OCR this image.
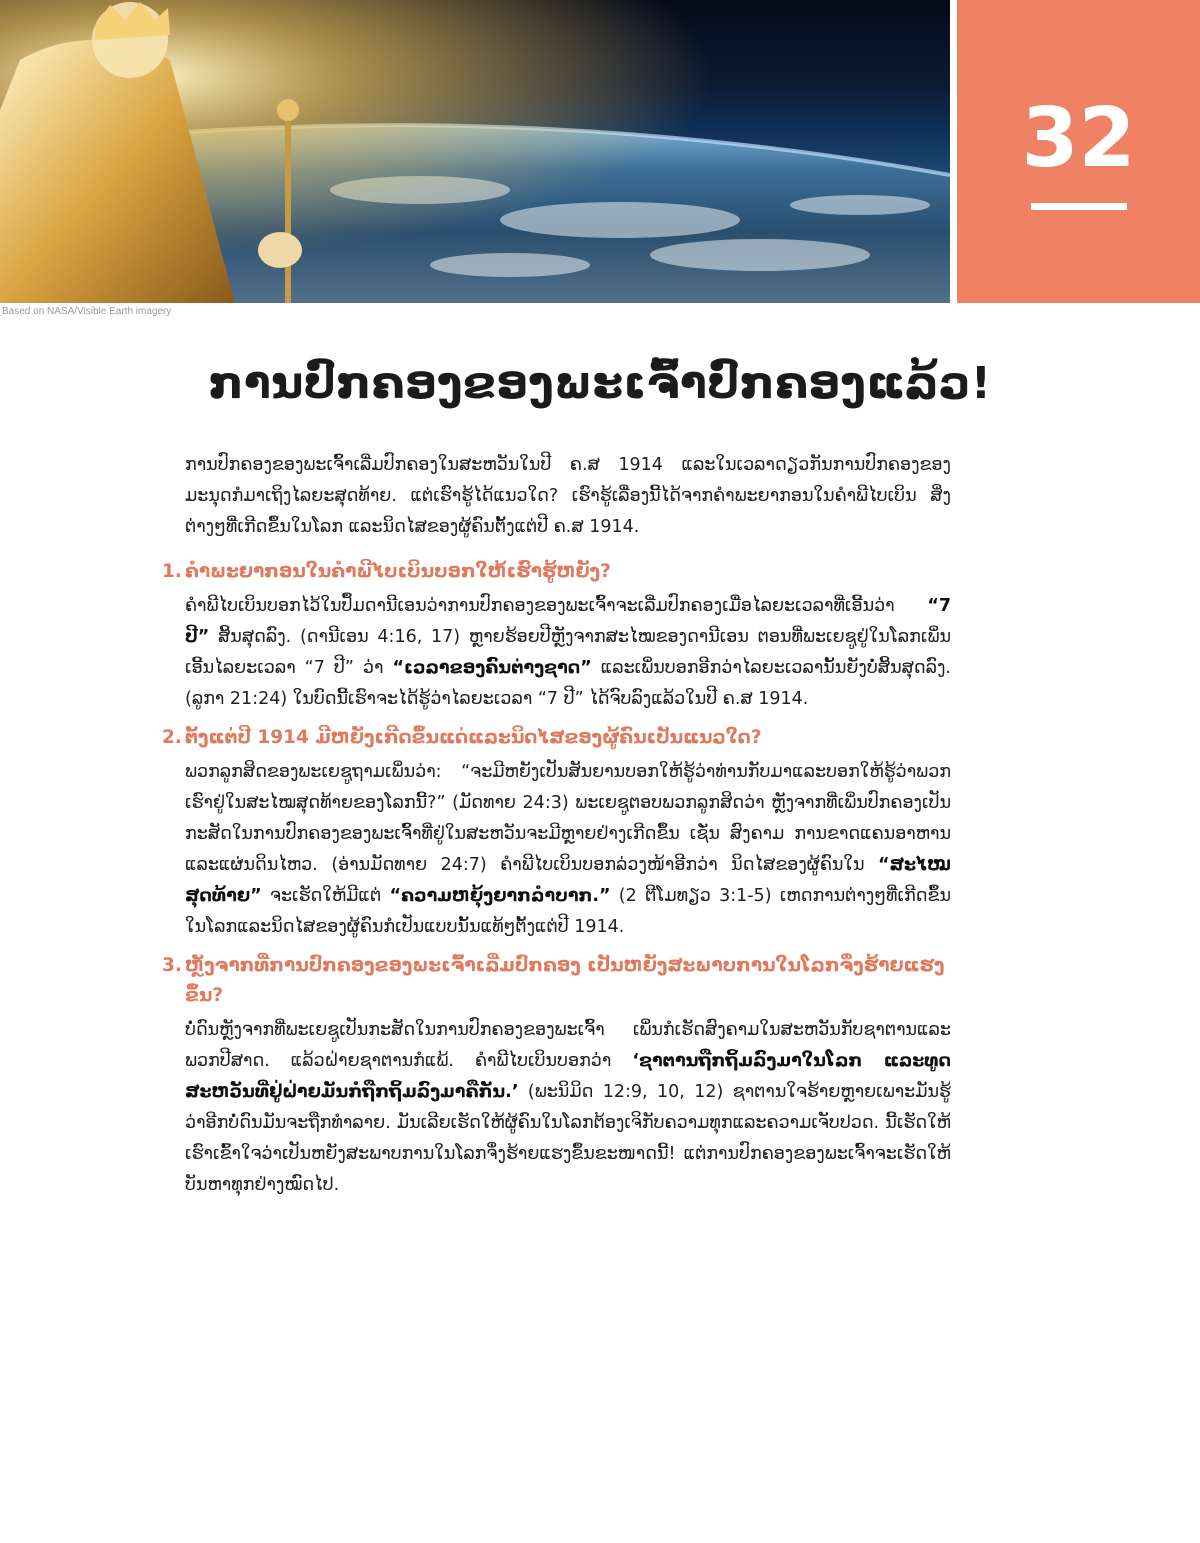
Based on NASA/Visible Earth imagery
32
ການປົກຄອງຂອງພະເຈົ້າປົກຄອງແລ້ວ!

ການປົກຄອງຂອງພະເຈົ້າເລີ່ມປົກຄອງໃນສະຫວັນໃນປີ ຄ.ສ 1914 ແລະໃນເວລາດຽວກັນການປົກຄອງຂອງມະນຸດກໍມາເຖິງໄລຍະສຸດທ້າຍ. ແຕ່ເຮົາຮູ້ໄດ້ແນວໃດ? ເຮົາຮູ້ເລື່ອງນີ້ໄດ້ຈາກຄຳພະຍາກອນໃນຄຳພີໄບເບິນ ສິ່ງຕ່າງໆທີ່ເກີດຂຶ້ນໃນໂລກ ແລະນິດໄສຂອງຜູ້ຄົນຕັ້ງແຕ່ປີ ຄ.ສ 1914.

1. ຄຳພະຍາກອນໃນຄຳພີໄບເບິນບອກໃຫ້ເຮົາຮູ້ຫຍັງ?

ຄຳພີໄບເບິນບອກໄວ້ໃນປຶ້ມດານີເອນວ່າການປົກຄອງຂອງພະເຈົ້າຈະເລີ່ມປົກຄອງເມື່ອໄລຍະເວລາທີ່ເອີ້ນວ່າ “7 ປີ” ສິ້ນສຸດລົງ. (ດານີເອນ 4:16, 17) ຫຼາຍຮ້ອຍປີຫຼັງຈາກສະໄໝຂອງດານີເອນ ຕອນທີ່ພະເຍຊູຢູ່ໃນໂລກເພິ່ນເອີ້ນໄລຍະເວລາ “7 ປີ” ວ່າ “ເວລາຂອງຄົນຕ່າງຊາດ” ແລະເພິ່ນບອກອີກວ່າໄລຍະເວລານັ້ນຍັງບໍ່ສິ້ນສຸດລົງ. (ລູກາ 21:24) ໃນບົດນີ້ເຮົາຈະໄດ້ຮູ້ວ່າໄລຍະເວລາ “7 ປີ” ໄດ້ຈົບລົງແລ້ວໃນປີ ຄ.ສ 1914.

2. ຕັ້ງແຕ່ປີ 1914 ມີຫຍັງເກີດຂຶ້ນແດ່ແລະນິດໄສຂອງຜູ້ຄົນເປັນແນວໃດ?

ພວກລູກສິດຂອງພະເຍຊູຖາມເພິ່ນວ່າ: “ຈະມີຫຍັງເປັນສັນຍານບອກໃຫ້ຮູ້ວ່າທ່ານກັບມາແລະບອກໃຫ້ຮູ້ວ່າພວກເຮົາຢູ່ໃນສະໄໝສຸດທ້າຍຂອງໂລກນີ້?” (ມັດທາຍ 24:3) ພະເຍຊູຕອບພວກລູກສິດວ່າ ຫຼັງຈາກທີ່ເພິ່ນປົກຄອງເປັນກະສັດໃນການປົກຄອງຂອງພະເຈົ້າທີ່ຢູ່ໃນສະຫວັນຈະມີຫຼາຍຢ່າງເກີດຂຶ້ນ ເຊັ່ນ ສົງຄາມ ການຂາດແຄນອາຫານ ແລະແຜ່ນດິນໄຫວ. (ອ່ານມັດທາຍ 24:7) ຄຳພີໄບເບິນບອກລ່ວງໜ້າອີກວ່າ ນິດໄສຂອງຜູ້ຄົນໃນ “ສະໄໝສຸດທ້າຍ” ຈະເຮັດໃຫ້ມີແຕ່ “ຄວາມຫຍຸ້ງຍາກລຳບາກ.” (2 ຕີໂມທຽວ 3:1-5) ເຫດການຕ່າງໆທີ່ເກີດຂຶ້ນໃນໂລກແລະນິດໄສຂອງຜູ້ຄົນກໍເປັນແບບນັ້ນແທ້ໆຕັ້ງແຕ່ປີ 1914.

3. ຫຼັງຈາກທີ່ການປົກຄອງຂອງພະເຈົ້າເລີ່ມປົກຄອງ ເປັນຫຍັງສະພາບການໃນໂລກຈຶ່ງຮ້າຍແຮງຂຶ້ນ?

ບໍ່ດົນຫຼັງຈາກທີ່ພະເຍຊູເປັນກະສັດໃນການປົກຄອງຂອງພະເຈົ້າ ເພິ່ນກໍເຮັດສົງຄາມໃນສະຫວັນກັບຊາຕານແລະພວກປີສາດ. ແລ້ວຝ່າຍຊາຕານກໍແພ້. ຄຳພີໄບເບິນບອກວ່າ ‘ຊາຕານຖືກຖິ້ມລົງມາໃນໂລກ ແລະທູດສະຫວັນທີ່ຢູ່ຝ່າຍມັນກໍຖືກຖິ້ມລົງມາຄືກັນ.’ (ພະນິມິດ 12:9, 10, 12) ຊາຕານໃຈຮ້າຍຫຼາຍເພາະມັນຮູ້ວ່າອີກບໍ່ດົນມັນຈະຖືກທຳລາຍ. ມັນເລີຍເຮັດໃຫ້ຜູ້ຄົນໃນໂລກຕ້ອງເຈິກັບຄວາມທຸກແລະຄວາມເຈັບປວດ. ນີ້ເຮັດໃຫ້ເຮົາເຂົ້າໃຈວ່າເປັນຫຍັງສະພາບການໃນໂລກຈຶ່ງຮ້າຍແຮງຂຶ້ນຂະໜາດນີ້! ແຕ່ການປົກຄອງຂອງພະເຈົ້າຈະເຮັດໃຫ້ບັນຫາທຸກຢ່າງໝົດໄປ.
